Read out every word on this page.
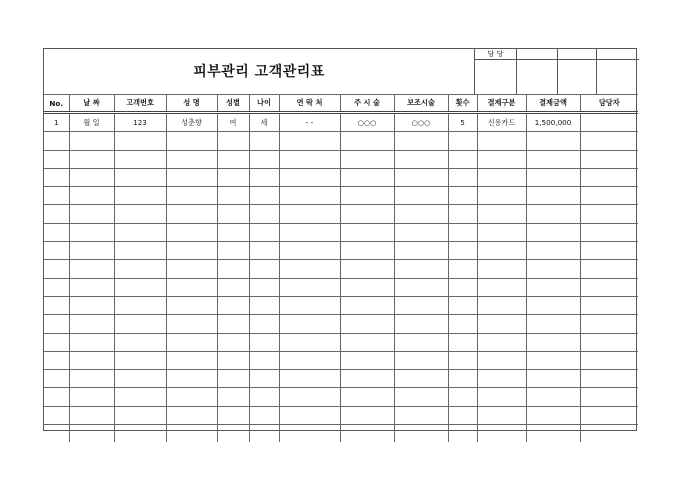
피부관리 고객관리표
담 당
No.	날 짜	고객번호	성 명	성별	나이	연 락 처	주 시 술	보조시술	횟수	결제구분	결제금액	담당자
1	월 일	123	성춘향	여	세	- -	○○○	○○○	5	신용카드	1,500,000	
